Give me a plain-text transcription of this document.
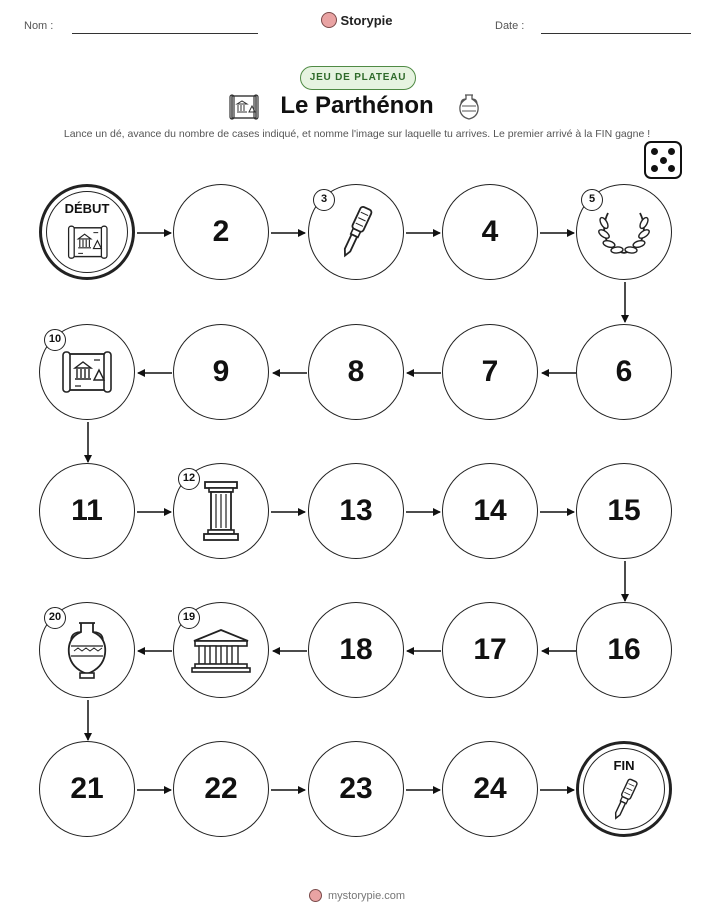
Nom :	Storypie	Date :
JEU DE PLATEAU
Le Parthénon
Lance un dé, avance du nombre de cases indiqué, et nomme l'image sur laquelle tu arrives. Le premier arrivé à la FIN gagne !
DÉBUT
2
3
4
5
6
7
8
9
10
11
12
13	14	15
16
17
18
19
20
21	22	23	24
FIN
mystorypie.com
